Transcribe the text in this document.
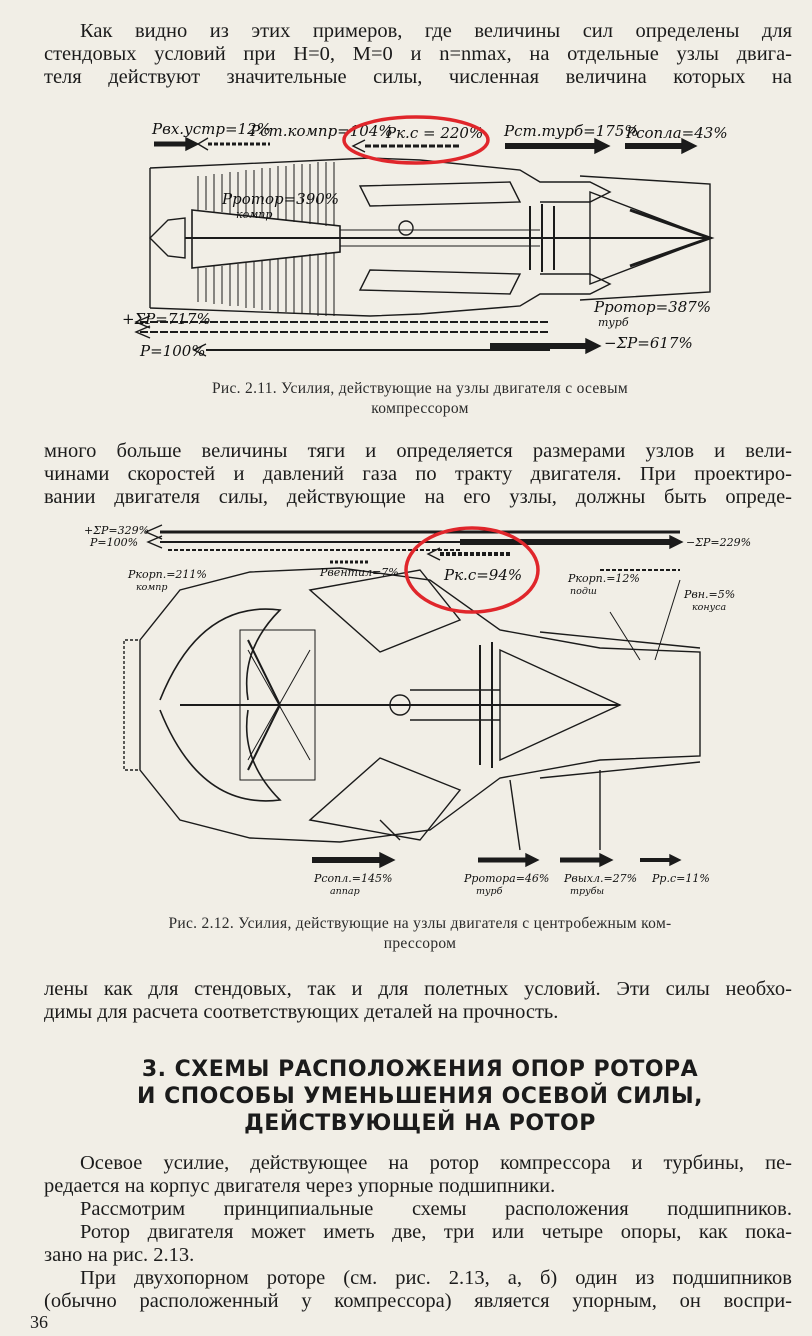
Как видно из этих примеров, где величины сил определены для
стендовых условий при H=0, M=0 и n=nmax, на отдельные узлы двига-
теля действуют значительные силы, численная величина которых на

Pвх.устр=12%
Pст.компр=104%
Pк.с = 220% Pст.турб=175%
Pсопла=43%
Pротор=390%
компр
Pротор=387%
турб
+ΣP=717%
P=100%	−ΣP=617%

Рис. 2.11. Усилия, действующие на узлы двигателя с осевым
компрессором

много больше величины тяги и определяется размерами узлов и вели-
чинами скоростей и давлений газа по тракту двигателя. При проектиро-
вании двигателя силы, действующие на его узлы, должны быть опреде-

+ΣP=329%
P=100%	−ΣP=229%
Pкорп.=211%
компр
Pвентил=7%	Pк.с=94%	Pкорп.=12%
подш	Pвн.=5%
конуса
Pсопл.=145%
аппар
Pротора=46%
турб
Pвыхл.=27%
трубы
Pр.с=11%

Рис. 2.12. Усилия, действующие на узлы двигателя с центробежным ком-
прессором

лены как для стендовых, так и для полетных условий. Эти силы необхо-
димы для расчета соответствующих деталей на прочность.

3. СХЕМЫ РАСПОЛОЖЕНИЯ ОПОР РОТОРА
И СПОСОБЫ УМЕНЬШЕНИЯ ОСЕВОЙ СИЛЫ,
ДЕЙСТВУЮЩЕЙ НА РОТОР

Осевое усилие, действующее на ротор компрессора и турбины, пе-
редается на корпус двигателя через упорные подшипники.

Рассмотрим принципиальные схемы расположения подшипников.

Ротор двигателя может иметь две, три или четыре опоры, как пока-
зано на рис. 2.13.

При двухопорном роторе (см. рис. 2.13, а, б) один из подшипников
(обычно расположенный у компрессора) является упорным, он воспри-

36
